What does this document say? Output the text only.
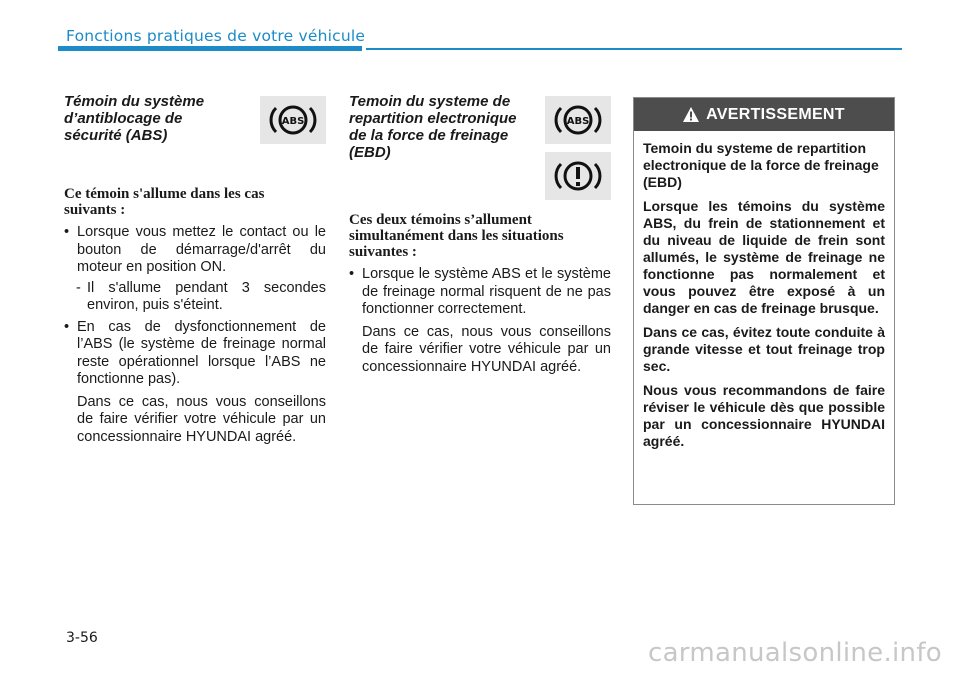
Fonctions pratiques de votre véhicule

Témoin du système d’antiblocage de sécurité (ABS)

Ce témoin s'allume dans les cas suivants :

• Lorsque vous mettez le contact ou le bouton de démarrage/d'arrêt du moteur en position ON.
- Il s'allume pendant 3 secondes environ, puis s'éteint.
• En cas de dysfonctionnement de l’ABS (le système de freinage normal reste opérationnel lorsque l’ABS ne fonctionne pas).

Dans ce cas, nous vous conseillons de faire vérifier votre véhicule par un concessionnaire HYUNDAI agréé.

ABS

Temoin du systeme de repartition electronique de la force de freinage (EBD)

Ces deux témoins s’allument simultanément dans les situations suivantes :

• Lorsque le système ABS et le système de freinage normal risquent de ne pas fonctionner correctement.

Dans ce cas, nous vous conseillons de faire vérifier votre véhicule par un concessionnaire HYUNDAI agréé.

ABS	AVERTISSEMENT

Temoin du systeme de repartition electronique de la force de freinage (EBD)

Lorsque les témoins du système ABS, du frein de stationnement et du niveau de liquide de frein sont allumés, le système de freinage ne fonctionne pas normalement et vous pouvez être exposé à un danger en cas de freinage brusque.

Dans ce cas, évitez toute conduite à grande vitesse et tout freinage trop sec.

Nous vous recommandons de faire réviser le véhicule dès que possible par un concessionnaire HYUNDAI agréé.

3-56	carmanualsonline.info
